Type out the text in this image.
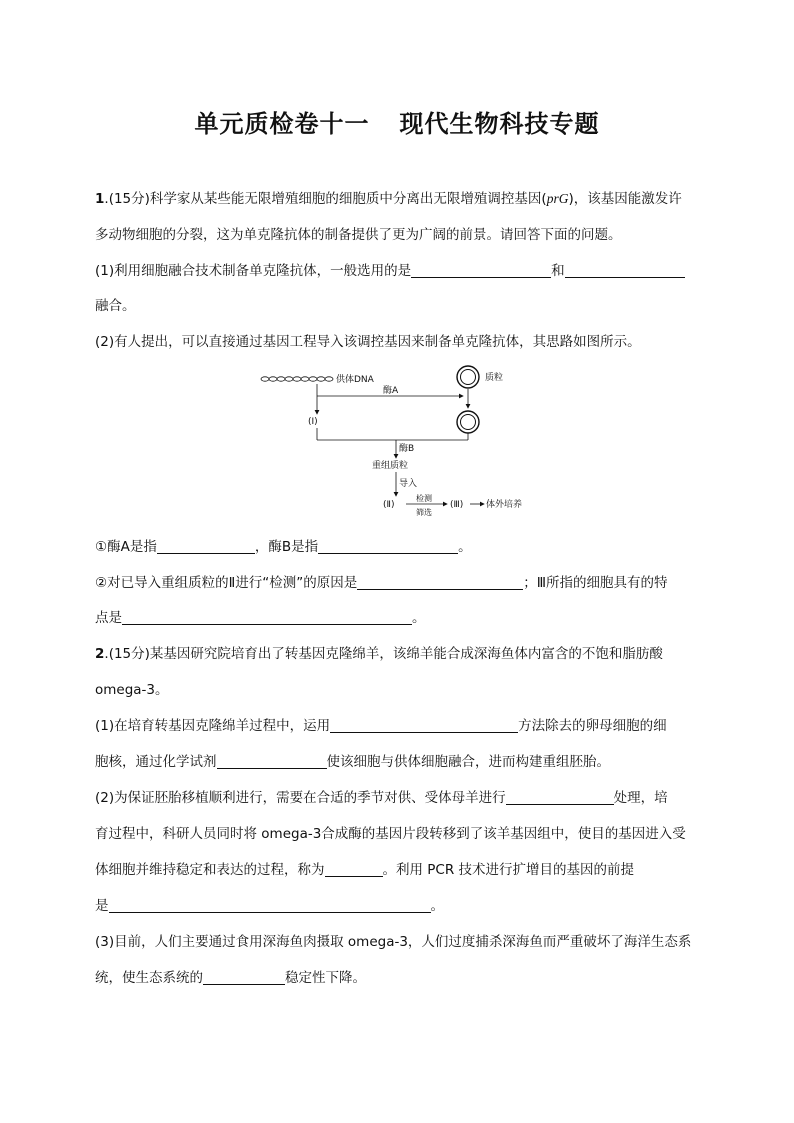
单元质检卷十一 现代生物科技专题
1.(15分)科学家从某些能无限增殖细胞的细胞质中分离出无限增殖调控基因(prG)，该基因能激发许
多动物细胞的分裂，这为单克隆抗体的制备提供了更为广阔的前景。请回答下面的问题。
(1)利用细胞融合技术制备单克隆抗体，一般选用的是	和
融合。
(2)有人提出，可以直接通过基因工程导入该调控基因来制备单克隆抗体，其思路如图所示。
供体DNA	质粒
酶A
(Ⅰ)
酶B
重组质粒
导入
(Ⅱ)
检测
筛选
(Ⅲ)	体外培养
①酶A是指	，酶B是指	。
②对已导入重组质粒的Ⅱ进行“检测”的原因是	；Ⅲ所指的细胞具有的特
点是	。
2.(15分)某基因研究院培育出了转基因克隆绵羊，该绵羊能合成深海鱼体内富含的不饱和脂肪酸
omega-3。
(1)在培育转基因克隆绵羊过程中，运用	方法除去的卵母细胞的细
胞核，通过化学试剂	使该细胞与供体细胞融合，进而构建重组胚胎。
(2)为保证胚胎移植顺利进行，需要在合适的季节对供、受体母羊进行	处理，培
育过程中，科研人员同时将 omega-3合成酶的基因片段转移到了该羊基因组中，使目的基因进入受
体细胞并维持稳定和表达的过程，称为	。利用 PCR 技术进行扩增目的基因的前提
是	。
(3)目前，人们主要通过食用深海鱼肉摄取 omega-3，人们过度捕杀深海鱼而严重破坏了海洋生态系
统，使生态系统的	稳定性下降。
